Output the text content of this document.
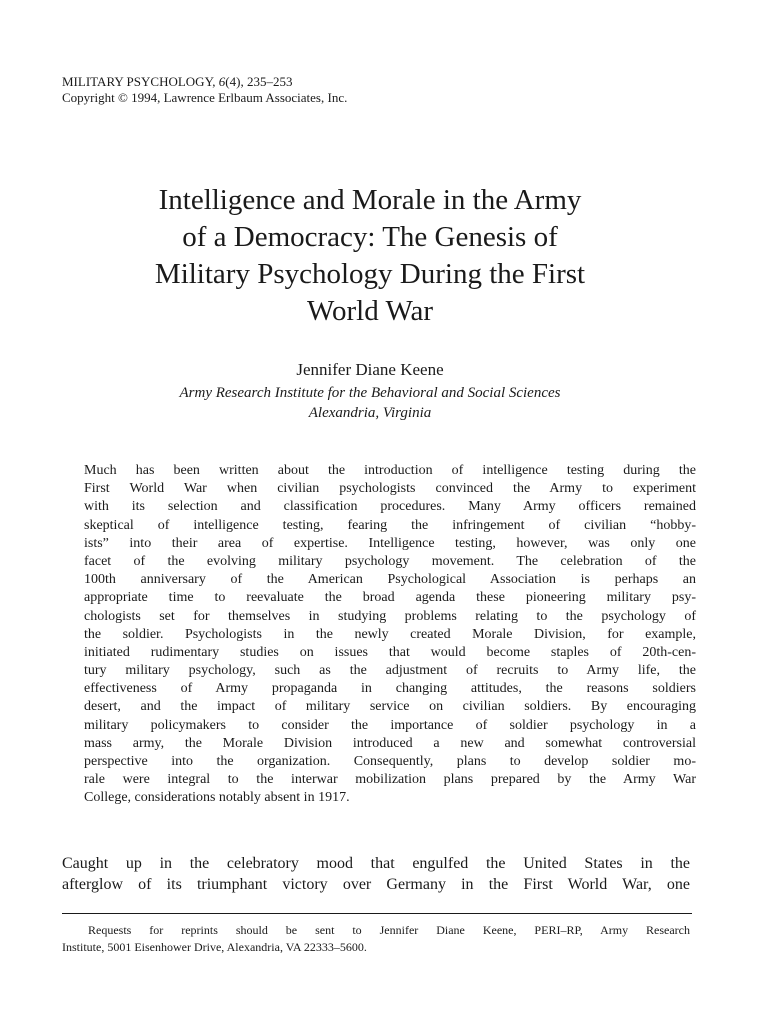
MILITARY PSYCHOLOGY, 6(4), 235–253
Copyright © 1994, Lawrence Erlbaum Associates, Inc.
Intelligence and Morale in the Army
of a Democracy: The Genesis of
Military Psychology During the First
World War
Jennifer Diane Keene
Army Research Institute for the Behavioral and Social Sciences
Alexandria, Virginia
Much has been written about the introduction of intelligence testing during the
First World War when civilian psychologists convinced the Army to experiment
with its selection and classification procedures. Many Army officers remained
skeptical of intelligence testing, fearing the infringement of civilian “hobby-
ists” into their area of expertise. Intelligence testing, however, was only one
facet of the evolving military psychology movement. The celebration of the
100th anniversary of the American Psychological Association is perhaps an
appropriate time to reevaluate the broad agenda these pioneering military psy-
chologists set for themselves in studying problems relating to the psychology of
the soldier. Psychologists in the newly created Morale Division, for example,
initiated rudimentary studies on issues that would become staples of 20th-cen-
tury military psychology, such as the adjustment of recruits to Army life, the
effectiveness of Army propaganda in changing attitudes, the reasons soldiers
desert, and the impact of military service on civilian soldiers. By encouraging
military policymakers to consider the importance of soldier psychology in a
mass army, the Morale Division introduced a new and somewhat controversial
perspective into the organization. Consequently, plans to develop soldier mo-
rale were integral to the interwar mobilization plans prepared by the Army War
College, considerations notably absent in 1917.
Caught up in the celebratory mood that engulfed the United States in the
afterglow of its triumphant victory over Germany in the First World War, one
Requests for reprints should be sent to Jennifer Diane Keene, PERI–RP, Army Research
Institute, 5001 Eisenhower Drive, Alexandria, VA 22333–5600.
